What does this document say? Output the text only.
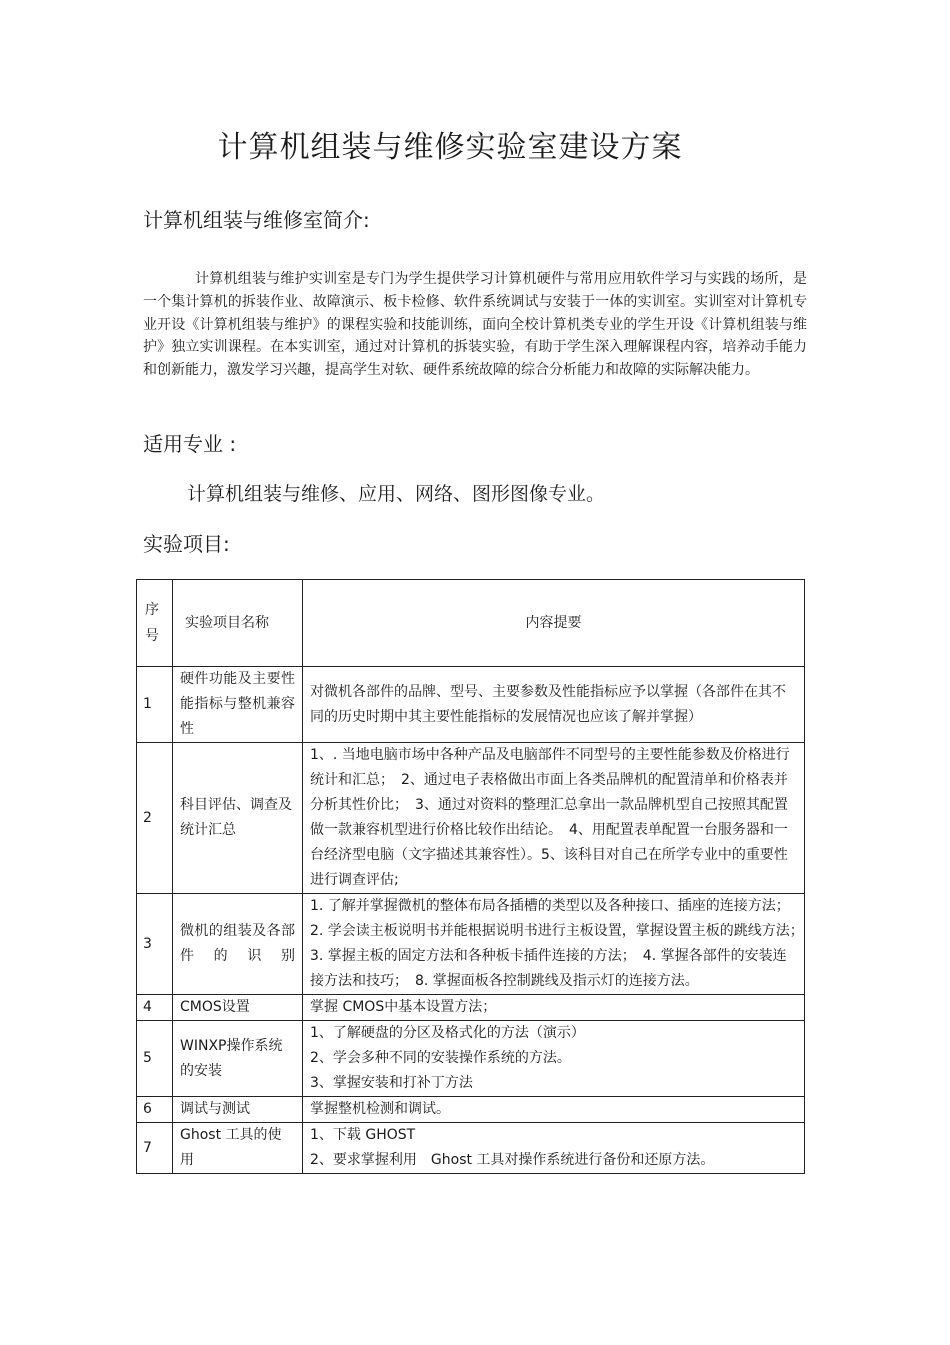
计算机组装与维修实验室建设方案
计算机组装与维修室简介:

计算机组装与维护实训室是专门为学生提供学习计算机硬件与常用应用软件学习与实践的场所，是一个集计算机的拆装作业、故障演示、板卡检修、软件系统调试与安装于一体的实训室。实训室对计算机专业开设《计算机组装与维护》的课程实验和技能训练，面向全校计算机类专业的学生开设《计算机组装与维护》独立实训课程。在本实训室，通过对计算机的拆装实验，有助于学生深入理解课程内容，培养动手能力和创新能力，激发学习兴趣，提高学生对软、硬件系统故障的综合分析能力和故障的实际解决能力。

适用专业 :

计算机组装与维修、应用、网络、图形图像专业。

实验项目:
序号	实验项目名称	内容提要
1	硬件功能及主要性能指标与整机兼容性	对微机各部件的品牌、型号、主要参数及性能指标应予以掌握（各部件在其不同的历史时期中其主要性能指标的发展情况也应该了解并掌握）
2	科目评估、调查及统计汇总	1、. 当地电脑市场中各种产品及电脑部件不同型号的主要性能参数及价格进行统计和汇总；　2、通过电子表格做出市面上各类品牌机的配置清单和价格表并分析其性价比；　3、通过对资料的整理汇总拿出一款品牌机型自己按照其配置做一款兼容机型进行价格比较作出结论。　4、用配置表单配置一台服务器和一台经济型电脑（文字描述其兼容性）。5、该科目对自己在所学专业中的重要性进行调查评估;
3	微机的组装及各部件的识别	1. 了解并掌握微机的整体布局各插槽的类型以及各种接口、插座的连接方法；　2. 学会读主板说明书并能根据说明书进行主板设置，掌握设置主板的跳线方法；　3. 掌握主板的固定方法和各种板卡插件连接的方法；　4. 掌握各部件的安装连接方法和技巧；　8. 掌握面板各控制跳线及指示灯的连接方法。
4	CMOS设置	掌握 CMOS中基本设置方法；
5	WINXP操作系统的安装	1、了解硬盘的分区及格式化的方法（演示）
2、学会多种不同的安装操作系统的方法。
3、掌握安装和打补丁方法

6	调试与测试	掌握整机检测和调试。
7	Ghost 工具的使用	1、下载 GHOST
2、要求掌握利用　Ghost 工具对操作系统进行备份和还原方法。
